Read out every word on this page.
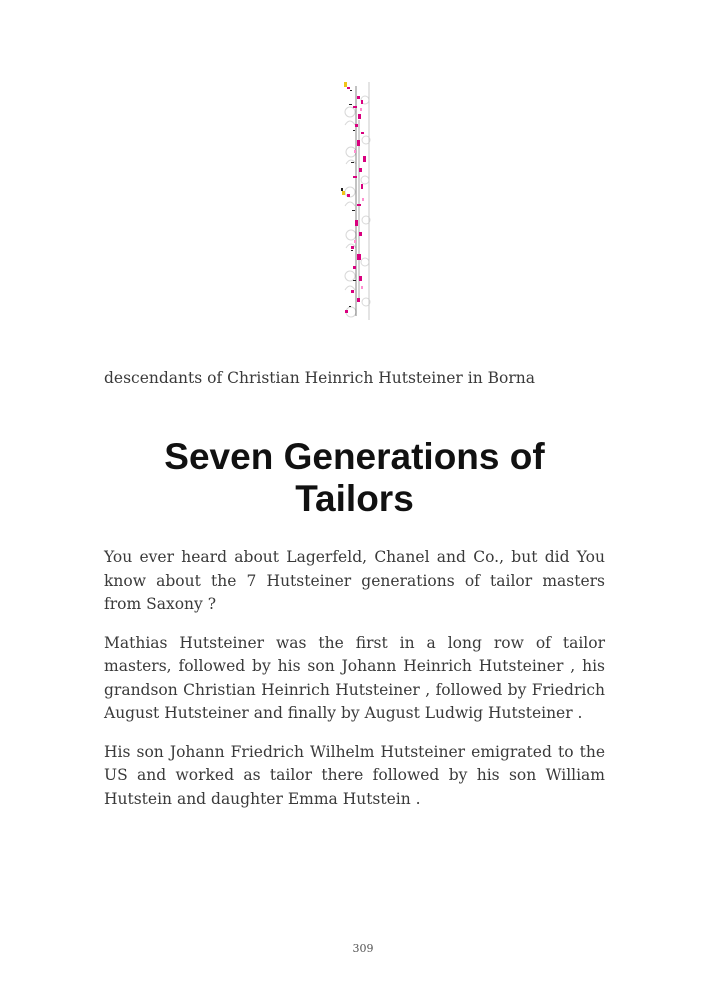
descendants of Christian Heinrich Hutsteiner in Borna

Seven Generations of Tailors

You ever heard about Lagerfeld, Chanel and Co., but did You know about the 7 Hutsteiner generations of tailor masters from Saxony ?

Mathias Hutsteiner was the first in a long row of tailor masters, followed by his son Johann Heinrich Hutsteiner , his grandson Christian Heinrich Hutsteiner , followed by Friedrich August Hutsteiner and finally by August Ludwig Hutsteiner .

His son Johann Friedrich Wilhelm Hutsteiner emigrated to the US and worked as tailor there followed by his son William Hutstein and daughter Emma Hutstein .

309
